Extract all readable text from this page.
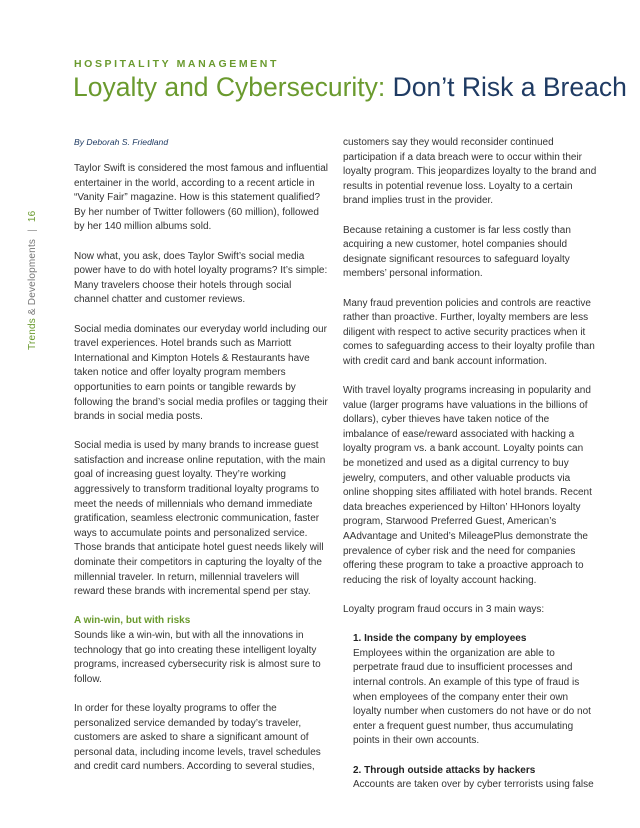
HOSPITALITY MANAGEMENT
Loyalty and Cybersecurity: Don’t Risk a Breach
Trends & Developments | 16
By Deborah S. Friedland

Taylor Swift is considered the most famous and influential entertainer in the world, according to a recent article in “Vanity Fair” magazine. How is this statement qualified? By her number of Twitter followers (60 million), followed by her 140 million albums sold.

Now what, you ask, does Taylor Swift’s social media power have to do with hotel loyalty programs? It’s simple: Many travelers choose their hotels through social channel chatter and customer reviews.

Social media dominates our everyday world including our travel experiences. Hotel brands such as Marriott International and Kimpton Hotels & Restaurants have taken notice and offer loyalty program members opportunities to earn points or tangible rewards by following the brand’s social media profiles or tagging their brands in social media posts.

Social media is used by many brands to increase guest satisfaction and increase online reputation, with the main goal of increasing guest loyalty. They’re working aggressively to transform traditional loyalty programs to meet the needs of millennials who demand immediate gratification, seamless electronic communication, faster ways to accumulate points and personalized service. Those brands that anticipate hotel guest needs likely will dominate their competitors in capturing the loyalty of the millennial traveler. In return, millennial travelers will reward these brands with incremental spend per stay.

A win-win, but with risks

Sounds like a win-win, but with all the innovations in technology that go into creating these intelligent loyalty programs, increased cybersecurity risk is almost sure to follow.

In order for these loyalty programs to offer the personalized service demanded by today’s traveler, customers are asked to share a significant amount of personal data, including income levels, travel schedules and credit card numbers. According to several studies,

customers say they would reconsider continued participation if a data breach were to occur within their loyalty program. This jeopardizes loyalty to the brand and results in potential revenue loss. Loyalty to a certain brand implies trust in the provider.

Because retaining a customer is far less costly than acquiring a new customer, hotel companies should designate significant resources to safeguard loyalty members’ personal information.

Many fraud prevention policies and controls are reactive rather than proactive. Further, loyalty members are less diligent with respect to active security practices when it comes to safeguarding access to their loyalty profile than with credit card and bank account information.

With travel loyalty programs increasing in popularity and value (larger programs have valuations in the billions of dollars), cyber thieves have taken notice of the imbalance of ease/reward associated with hacking a loyalty program vs. a bank account. Loyalty points can be monetized and used as a digital currency to buy jewelry, computers, and other valuable products via online shopping sites affiliated with hotel brands. Recent data breaches experienced by Hilton’ HHonors loyalty program, Starwood Preferred Guest, American’s AAdvantage and United’s MileagePlus demonstrate the prevalence of cyber risk and the need for companies offering these program to take a proactive approach to reducing the risk of loyalty account hacking.

Loyalty program fraud occurs in 3 main ways:

1. Inside the company by employees

Employees within the organization are able to perpetrate fraud due to insufficient processes and internal controls. An example of this type of fraud is when employees of the company enter their own loyalty number when customers do not have or do not enter a frequent guest number, thus accumulating points in their own accounts.

2. Through outside attacks by hackers

Accounts are taken over by cyber terrorists using false
